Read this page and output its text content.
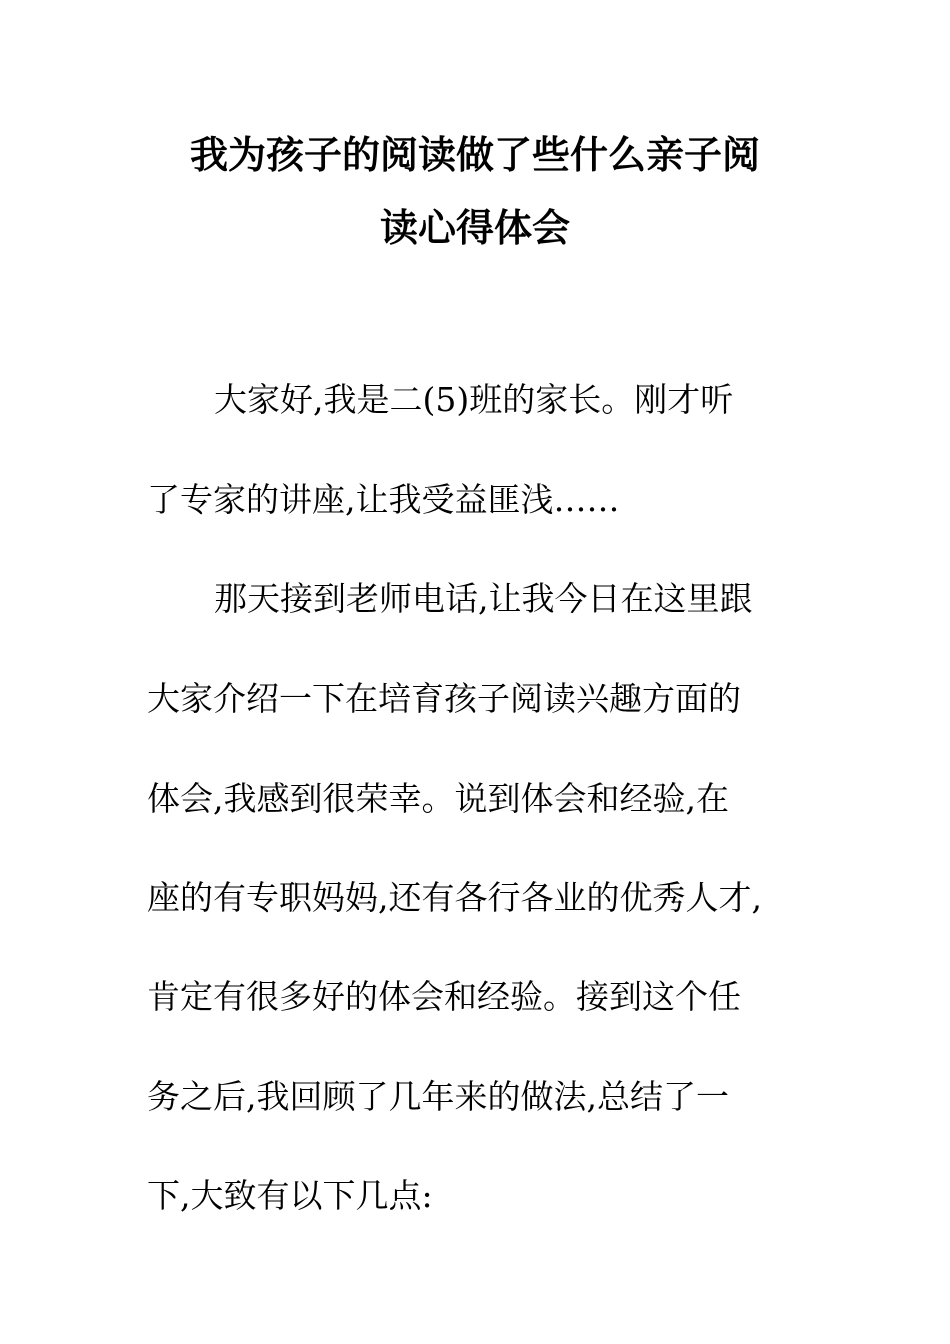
我为孩子的阅读做了些什么亲子阅
读心得体会
大家好,我是二(5)班的家长。刚才听
了专家的讲座,让我受益匪浅……
那天接到老师电话,让我今日在这里跟
大家介绍一下在培育孩子阅读兴趣方面的
体会,我感到很荣幸。说到体会和经验,在
座的有专职妈妈,还有各行各业的优秀人才,
肯定有很多好的体会和经验。接到这个任
务之后,我回顾了几年来的做法,总结了一
下,大致有以下几点:
